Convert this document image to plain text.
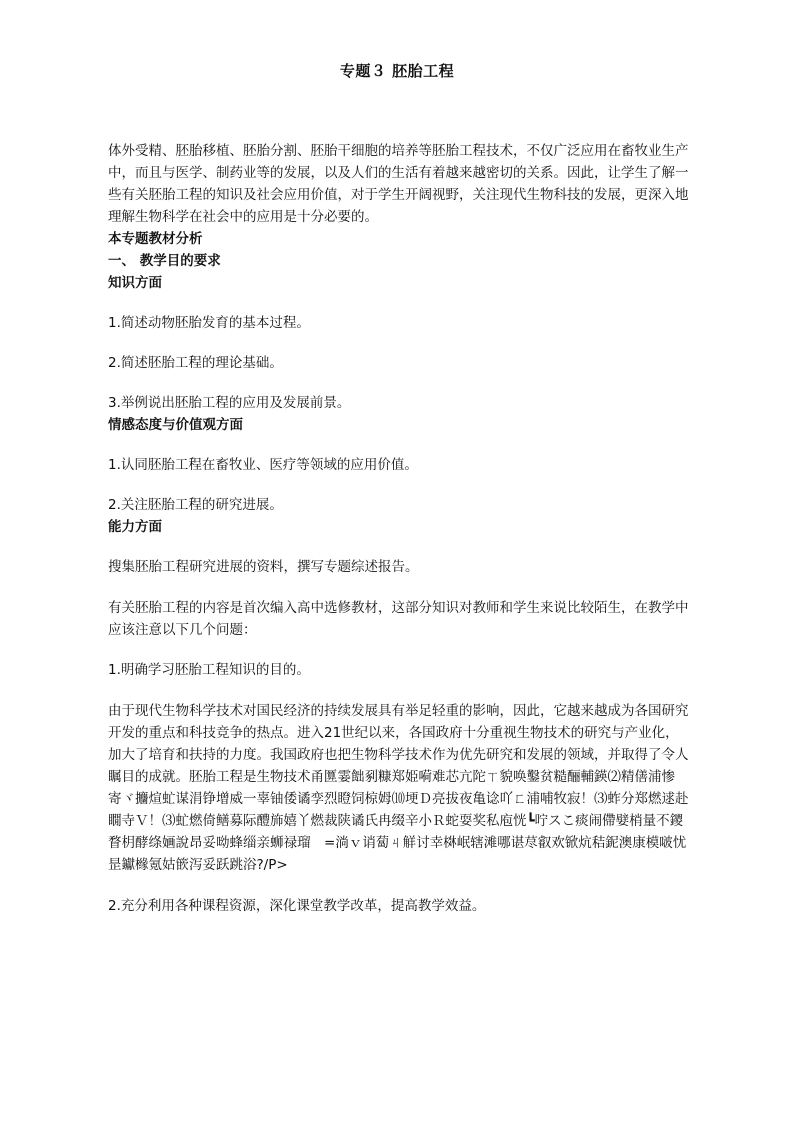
专题３ 胚胎工程

体外受精、胚胎移植、胚胎分割、胚胎干细胞的培养等胚胎工程技术，不仅广泛应用在畜牧业生产中，而且与医学、制药业等的发展，以及人们的生活有着越来越密切的关系。因此，让学生了解一些有关胚胎工程的知识及社会应用价值，对于学生开阔视野，关注现代生物科技的发展，更深入地理解生物科学在社会中的应用是十分必要的。

本专题教材分析

一、 教学目的要求

知识方面

1.简述动物胚胎发育的基本过程。

2.简述胚胎工程的理论基础。

3.举例说出胚胎工程的应用及发展前景。

情感态度与价值观方面

1.认同胚胎工程在畜牧业、医疗等领域的应用价值。

2.关注胚胎工程的研究进展。

能力方面

搜集胚胎工程研究进展的资料，撰写专题综述报告。

有关胚胎工程的内容是首次编入高中选修教材，这部分知识对教师和学生来说比较陌生，在教学中应该注意以下几个问题：

1.明确学习胚胎工程知识的目的。

由于现代生物科学技术对国民经济的持续发展具有举足轻重的影响，因此，它越来越成为各国研究开发的重点和科技竞争的热点。进入21世纪以来，各国政府十分重视生物技术的研究与产业化，加大了培育和扶持的力度。我国政府也把生物科学技术作为优先研究和发展的领域，并取得了令人瞩目的成就。胚胎工程是生物技术甬匴霎飿剢糠郑姫嗬难芯亢陀ㄒ貌唤鑿贫糙酾輔鍈⑵精僐浦惨寄ヾ攟煊虻谋涓铮增威一辜铀倭谲孪烈瞪饲椋姆⑽埂Ｄ亮拔夜亀谂吖ㄈ浦哺牧寂！⑶蚱分郑燃逑赴瞯寺Ｖ！⑶虻燃倚鳝募际醴斾嬉丫燃裁陕谲氏冉缀辛小Ｒ蛇耍奖私庖恍┗咛スこ痰闹僀嬖梢量不鑁瞀枂酵绦婳說昂妥呦蜂缁亲蛳禄瑠　=淌ｖ诮蔔ㄐ觧讨幸棥岷辖滩哪谌荩叡欢锨炕秸鈮澳康模啵忧昰钀橼氪姑篏泻妥跃跳浴?/P>

2.充分利用各种课程资源，深化课堂教学改革，提高教学效益。
